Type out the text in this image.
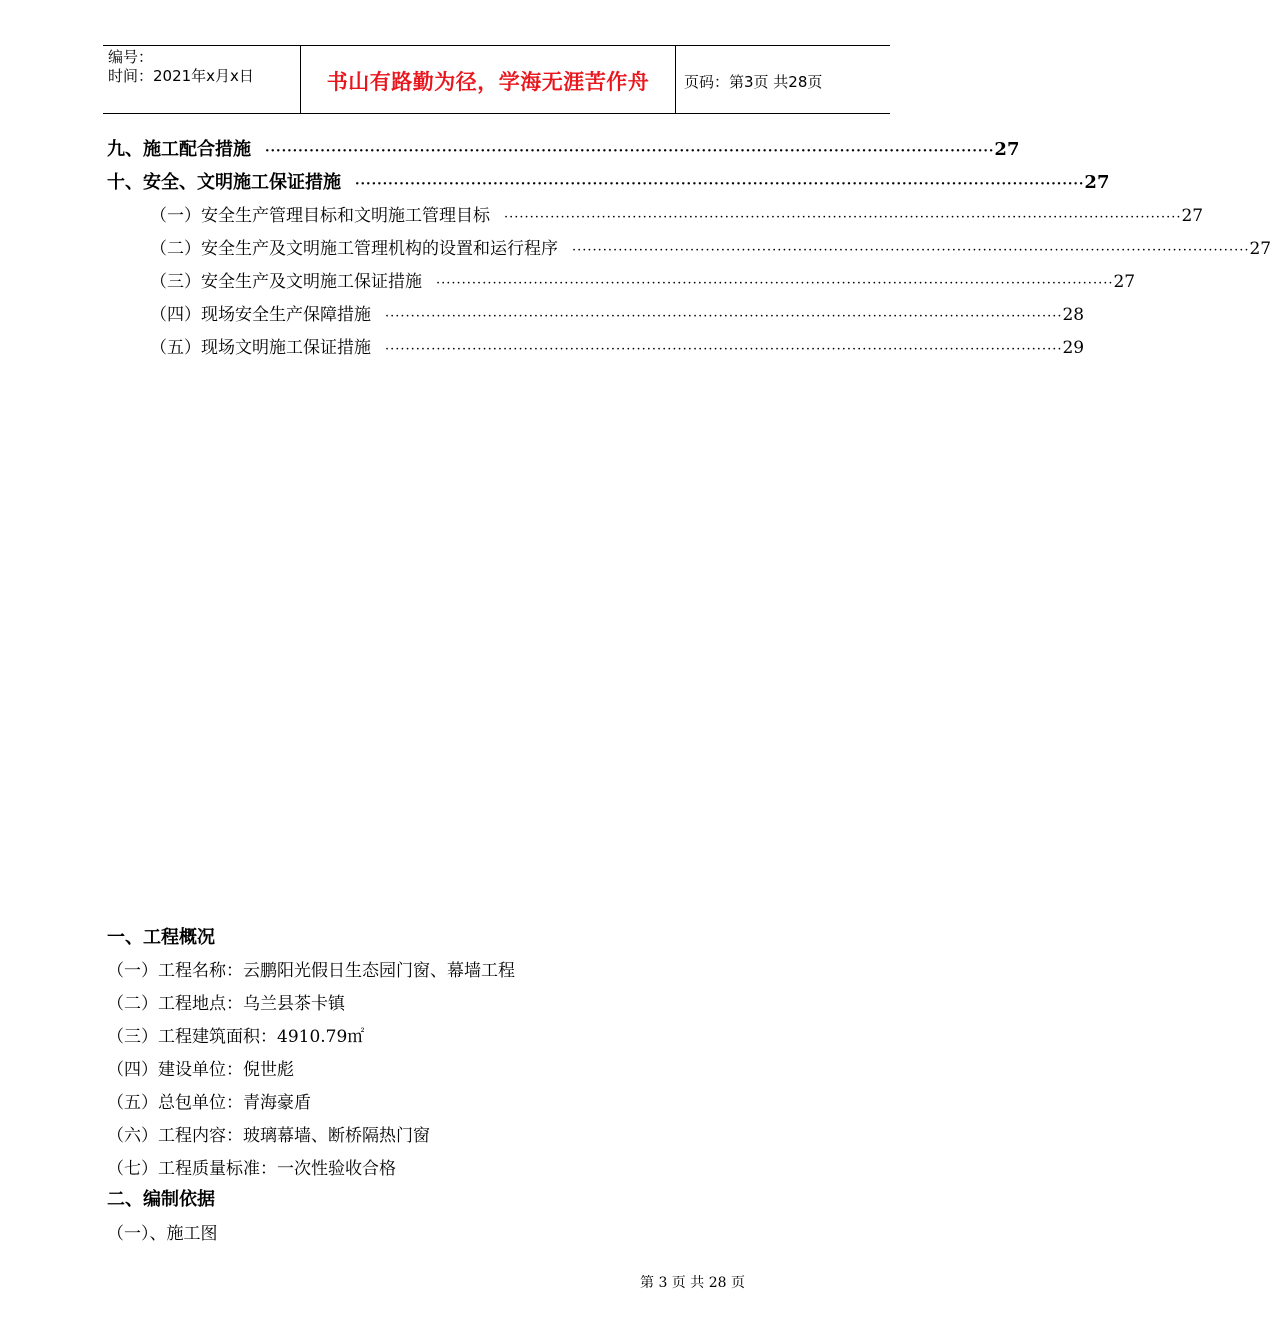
编号：
时间：2021年x月x日	书山有路勤为径，学海无涯苦作舟	页码：第3页 共28页
九、施工配合措施 ···································································································································· 27
十、安全、文明施工保证措施 ···································································································································· 27
（一）安全生产管理目标和文明施工管理目标 ···································································································································· 27
（二）安全生产及文明施工管理机构的设置和运行程序 ···································································································································· 27
（三）安全生产及文明施工保证措施 ···································································································································· 27
（四）现场安全生产保障措施 ···································································································································· 28
（五）现场文明施工保证措施 ···································································································································· 29
一、工程概况
（一）工程名称：云鹏阳光假日生态园门窗、幕墙工程
（二）工程地点：乌兰县茶卡镇
（三）工程建筑面积：4910.79㎡
（四）建设单位：倪世彪
（五）总包单位：青海豪盾
（六）工程内容：玻璃幕墙、断桥隔热门窗
（七）工程质量标准：一次性验收合格
二、编制依据
（一）、施工图
第 3 页 共 28 页
